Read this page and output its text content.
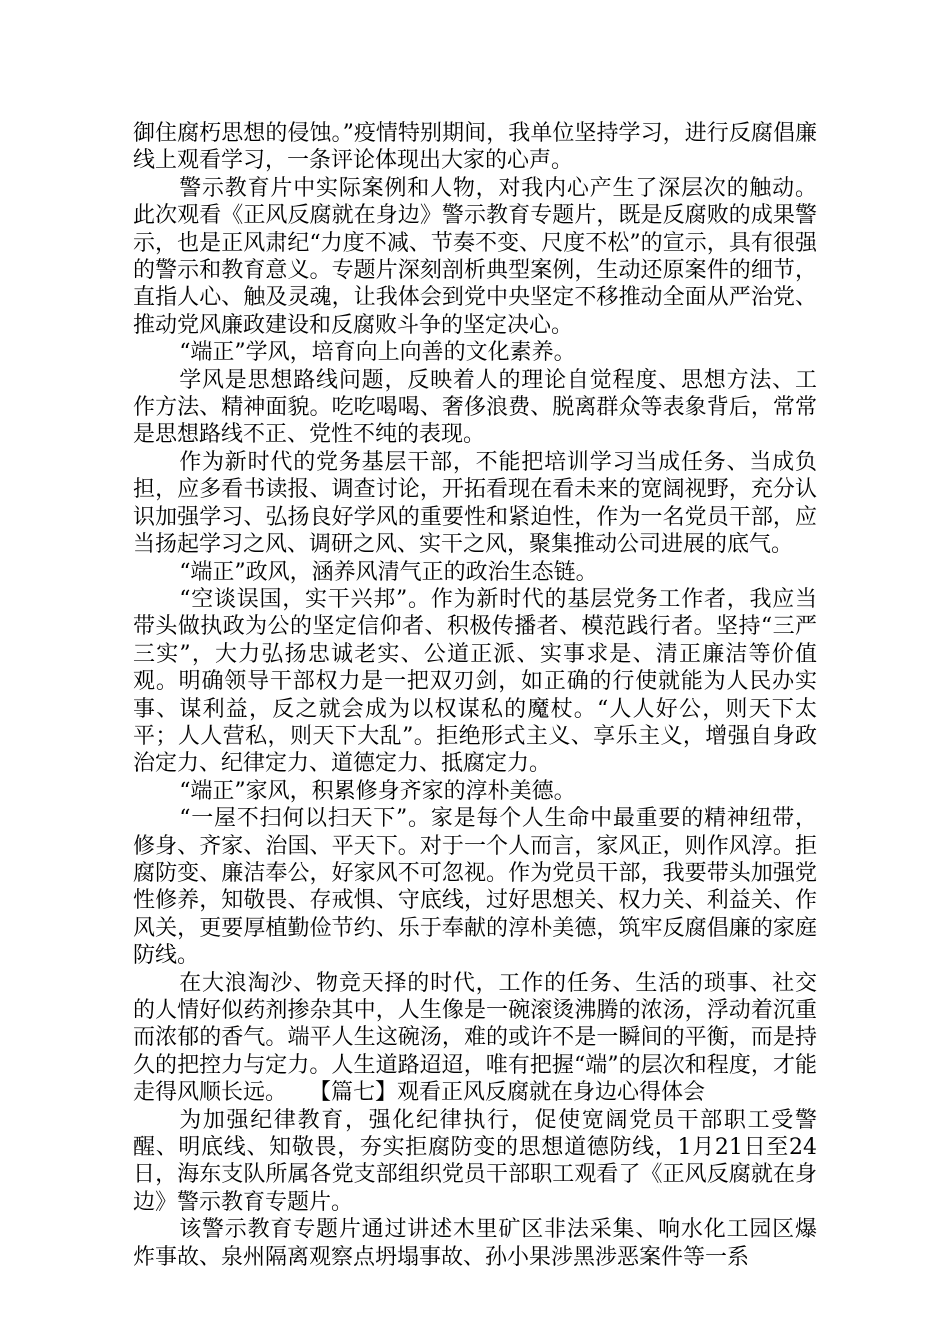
御住腐朽思想的侵蚀。”疫情特别期间，我单位坚持学习，进行反腐倡廉线上观看学习，一条评论体现出大家的心声。

警示教育片中实际案例和人物，对我内心产生了深层次的触动。此次观看《正风反腐就在身边》警示教育专题片，既是反腐败的成果警示，也是正风肃纪“力度不减、节奏不变、尺度不松”的宣示，具有很强的警示和教育意义。专题片深刻剖析典型案例，生动还原案件的细节，直指人心、触及灵魂，让我体会到党中央坚定不移推动全面从严治党、推动党风廉政建设和反腐败斗争的坚定决心。

“端正”学风，培育向上向善的文化素养。

学风是思想路线问题，反映着人的理论自觉程度、思想方法、工作方法、精神面貌。吃吃喝喝、奢侈浪费、脱离群众等表象背后，常常是思想路线不正、党性不纯的表现。

作为新时代的党务基层干部，不能把培训学习当成任务、当成负担，应多看书读报、调查讨论，开拓看现在看未来的宽阔视野，充分认识加强学习、弘扬良好学风的重要性和紧迫性，作为一名党员干部，应当扬起学习之风、调研之风、实干之风，聚集推动公司进展的底气。

“端正”政风，涵养风清气正的政治生态链。

“空谈误国，实干兴邦”。作为新时代的基层党务工作者，我应当带头做执政为公的坚定信仰者、积极传播者、模范践行者。坚持“三严三实”，大力弘扬忠诚老实、公道正派、实事求是、清正廉洁等价值观。明确领导干部权力是一把双刃剑，如正确的行使就能为人民办实事、谋利益，反之就会成为以权谋私的魔杖。“人人好公，则天下太平；人人营私，则天下大乱”。拒绝形式主义、享乐主义，增强自身政治定力、纪律定力、道德定力、抵腐定力。

“端正”家风，积累修身齐家的淳朴美德。

“一屋不扫何以扫天下”。家是每个人生命中最重要的精神纽带，修身、齐家、治国、平天下。对于一个人而言，家风正，则作风淳。拒腐防变、廉洁奉公，好家风不可忽视。作为党员干部，我要带头加强党性修养，知敬畏、存戒惧、守底线，过好思想关、权力关、利益关、作风关，更要厚植勤俭节约、乐于奉献的淳朴美德，筑牢反腐倡廉的家庭防线。

在大浪淘沙、物竞天择的时代，工作的任务、生活的琐事、社交的人情好似药剂掺杂其中，人生像是一碗滚烫沸腾的浓汤，浮动着沉重而浓郁的香气。端平人生这碗汤，难的或许不是一瞬间的平衡，而是持久的把控力与定力。人生道路迢迢，唯有把握“端”的层次和程度，才能走得风顺长远。　　【篇七】观看正风反腐就在身边心得体会

为加强纪律教育，强化纪律执行，促使宽阔党员干部职工受警醒、明底线、知敬畏，夯实拒腐防变的思想道德防线，1月21日至24日，海东支队所属各党支部组织党员干部职工观看了《正风反腐就在身边》警示教育专题片。

该警示教育专题片通过讲述木里矿区非法采集、响水化工园区爆炸事故、泉州隔离观察点坍塌事故、孙小果涉黑涉恶案件等一系
